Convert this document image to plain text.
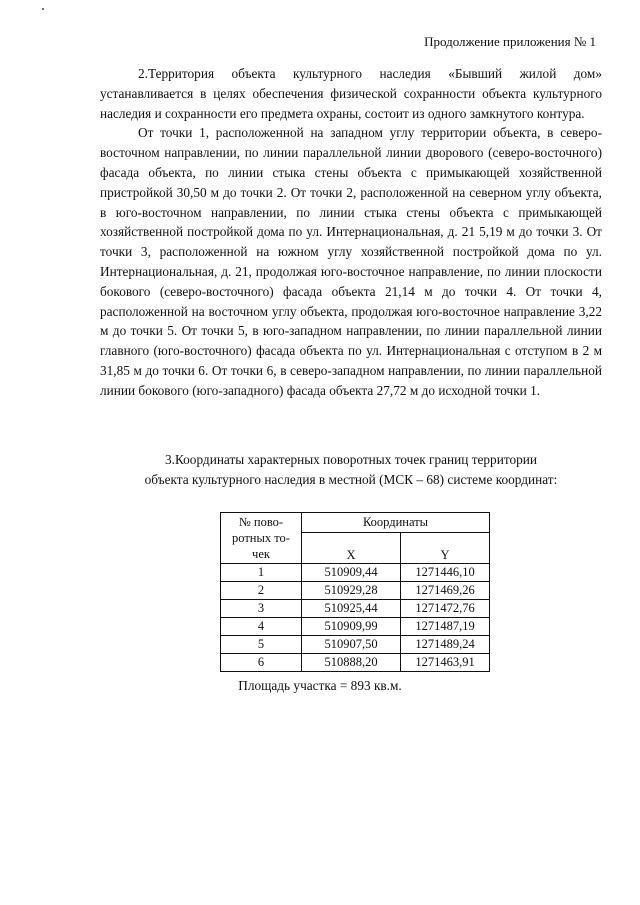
Продолжение приложения № 1

2.Территория объекта культурного наследия «Бывший жилой дом» устанавливается в целях обеспечения физической сохранности объекта культурного наследия и сохранности его предмета охраны, состоит из одного замкнутого контура.

От точки 1, расположенной на западном углу территории объекта, в северо-восточном направлении, по линии параллельной линии дворового (северо-восточного) фасада объекта, по линии стыка стены объекта с примыкающей хозяйственной пристройкой 30,50 м до точки 2. От точки 2, расположенной на северном углу объекта, в юго-восточном направлении, по линии стыка стены объекта с примыкающей хозяйственной постройкой дома по ул. Интернациональная, д. 21 5,19 м до точки 3. От точки 3, расположенной на южном углу хозяйственной постройкой дома по ул. Интернациональная, д. 21, продолжая юго-восточное направление, по линии плоскости бокового (северо-восточного) фасада объекта 21,14 м до точки 4. От точки 4, расположенной на восточном углу объекта, продолжая юго-восточное направление 3,22 м до точки 5. От точки 5, в юго-западном направлении, по линии параллельной линии главного (юго-восточного) фасада объекта по ул. Интернациональная с отступом в 2 м 31,85 м до точки 6. От точки 6, в северо-западном направлении, по линии параллельной линии бокового (юго-западного) фасада объекта 27,72 м до исходной точки 1.

3.Координаты характерных поворотных точек границ территории
объекта культурного наследия в местной (МСК – 68) системе координат:
№ пово-
ротных то-
чек	Координаты	
	X	Y
1	510909,44	1271446,10
2	510929,28	1271469,26
3	510925,44	1271472,76
4	510909,99	1271487,19
5	510907,50	1271489,24
6	510888,20	1271463,91
Площадь участка = 893 кв.м.
